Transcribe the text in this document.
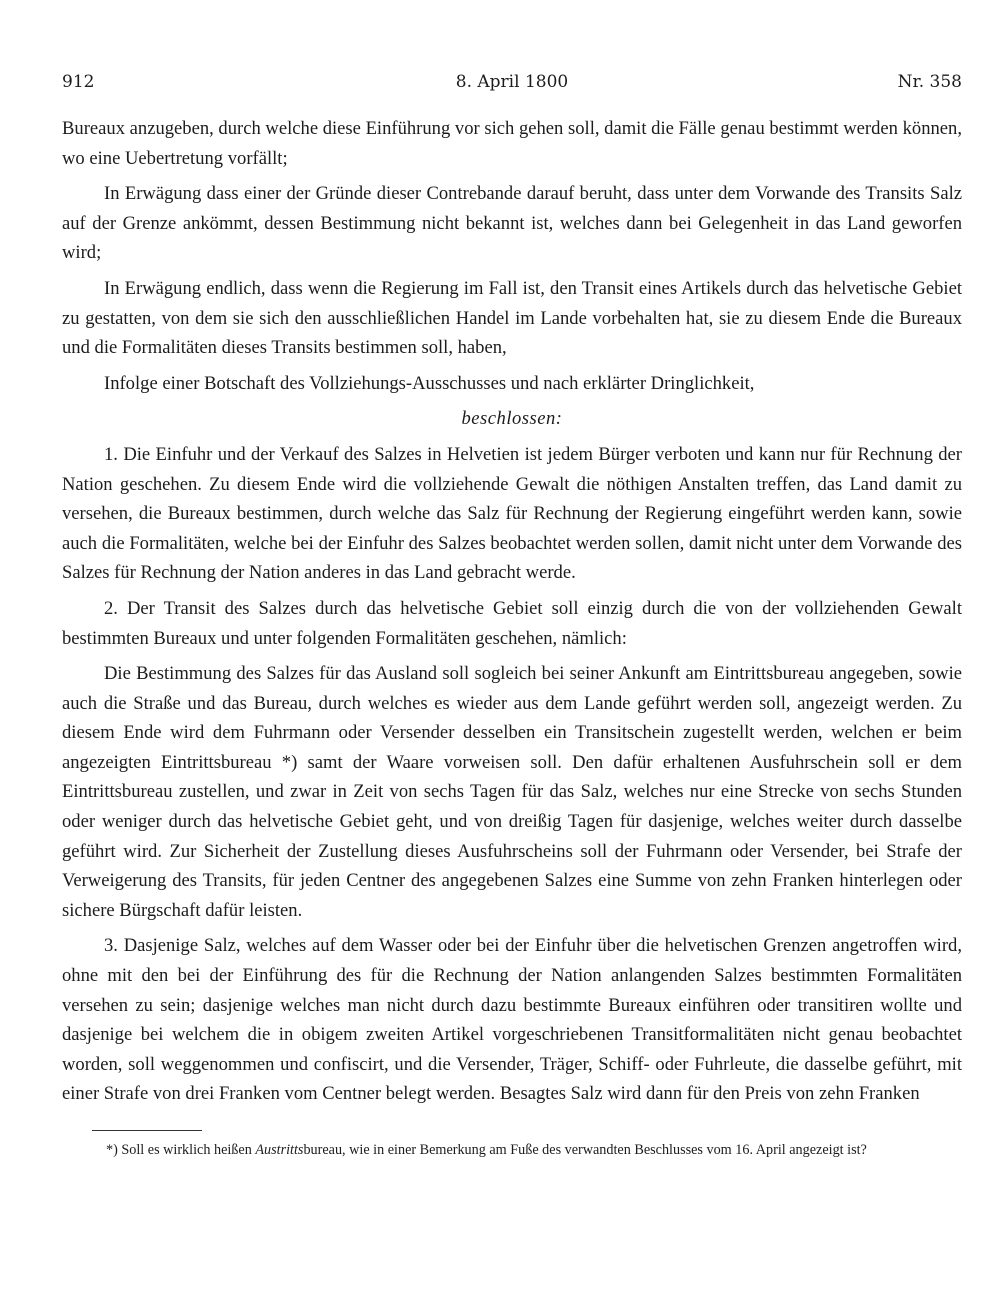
912	8. April 1800	Nr. 358

Bureaux anzugeben, durch welche diese Einführung vor sich gehen soll, damit die Fälle genau bestimmt werden können, wo eine Uebertretung vorfällt;

In Erwägung dass einer der Gründe dieser Contrebande darauf beruht, dass unter dem Vorwande des Transits Salz auf der Grenze ankömmt, dessen Bestimmung nicht bekannt ist, welches dann bei Gelegenheit in das Land geworfen wird;

In Erwägung endlich, dass wenn die Regierung im Fall ist, den Transit eines Artikels durch das helvetische Gebiet zu gestatten, von dem sie sich den ausschließlichen Handel im Lande vorbehalten hat, sie zu diesem Ende die Bureaux und die Formalitäten dieses Transits bestimmen soll, haben,

Infolge einer Botschaft des Vollziehungs-Ausschusses und nach erklärter Dringlichkeit,

beschlossen:

1. Die Einfuhr und der Verkauf des Salzes in Helvetien ist jedem Bürger verboten und kann nur für Rechnung der Nation geschehen. Zu diesem Ende wird die vollziehende Gewalt die nöthigen Anstalten treffen, das Land damit zu versehen, die Bureaux bestimmen, durch welche das Salz für Rechnung der Regierung eingeführt werden kann, sowie auch die Formalitäten, welche bei der Einfuhr des Salzes beobachtet werden sollen, damit nicht unter dem Vorwande des Salzes für Rechnung der Nation anderes in das Land gebracht werde.

2. Der Transit des Salzes durch das helvetische Gebiet soll einzig durch die von der vollziehenden Gewalt bestimmten Bureaux und unter folgenden Formalitäten geschehen, nämlich:

Die Bestimmung des Salzes für das Ausland soll sogleich bei seiner Ankunft am Eintrittsbureau angegeben, sowie auch die Straße und das Bureau, durch welches es wieder aus dem Lande geführt werden soll, angezeigt werden. Zu diesem Ende wird dem Fuhrmann oder Versender desselben ein Transitschein zugestellt werden, welchen er beim angezeigten Eintrittsbureau *) samt der Waare vorweisen soll. Den dafür erhaltenen Ausfuhrschein soll er dem Eintrittsbureau zustellen, und zwar in Zeit von sechs Tagen für das Salz, welches nur eine Strecke von sechs Stunden oder weniger durch das helvetische Gebiet geht, und von dreißig Tagen für dasjenige, welches weiter durch dasselbe geführt wird. Zur Sicherheit der Zustellung dieses Ausfuhrscheins soll der Fuhrmann oder Versender, bei Strafe der Verweigerung des Transits, für jeden Centner des angegebenen Salzes eine Summe von zehn Franken hinterlegen oder sichere Bürgschaft dafür leisten.

3. Dasjenige Salz, welches auf dem Wasser oder bei der Einfuhr über die helvetischen Grenzen angetroffen wird, ohne mit den bei der Einführung des für die Rechnung der Nation anlangenden Salzes bestimmten Formalitäten versehen zu sein; dasjenige welches man nicht durch dazu bestimmte Bureaux einführen oder transitiren wollte und dasjenige bei welchem die in obigem zweiten Artikel vorgeschriebenen Transitformalitäten nicht genau beobachtet worden, soll weggenommen und confiscirt, und die Versender, Träger, Schiff- oder Fuhrleute, die dasselbe geführt, mit einer Strafe von drei Franken vom Centner belegt werden. Besagtes Salz wird dann für den Preis von zehn Franken

*) Soll es wirklich heißen Austrittsbureau, wie in einer Bemerkung am Fuße des verwandten Beschlusses vom 16. April angezeigt ist?
